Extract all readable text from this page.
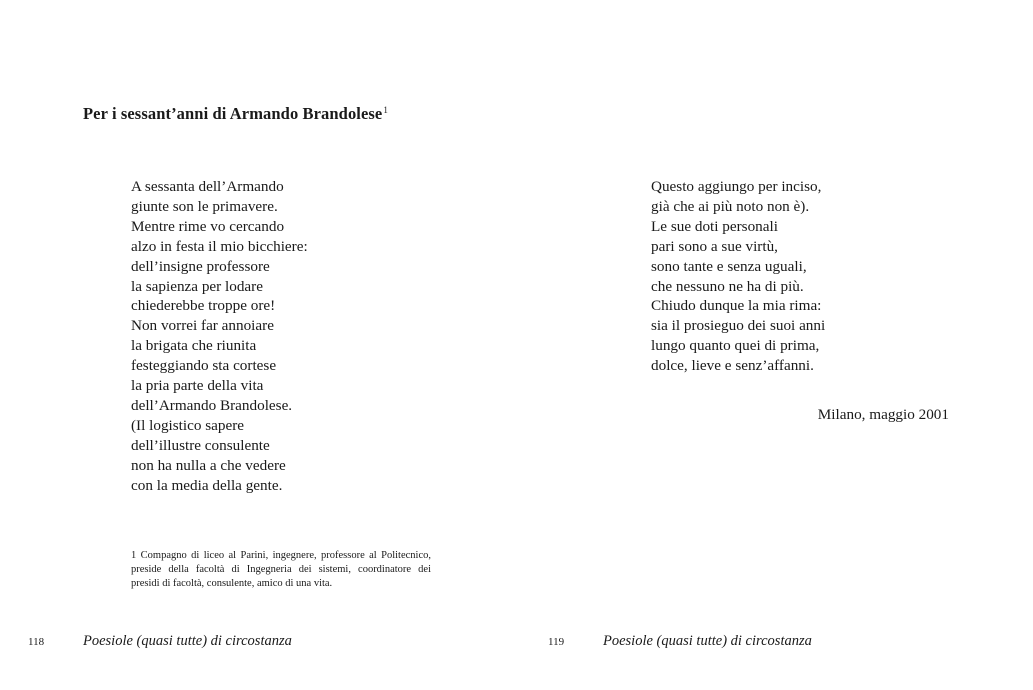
Per i sessant’anni di Armando Brandolese$^1$
A sessanta dell’Armando
giunte son le primavere.
Mentre rime vo cercando
alzo in festa il mio bicchiere:
dell’insigne professore
la sapienza per lodare
chiederebbe troppe ore!
Non vorrei far annoiare
la brigata che riunita
festeggiando sta cortese
la pria parte della vita
dell’Armando Brandolese.
(Il logistico sapere
dell’illustre consulente
non ha nulla a che vedere
con la media della gente.
Questo aggiungo per inciso,
già che ai più noto non è).
Le sue doti personali
pari sono a sue virtù,
sono tante e senza uguali,
che nessuno ne ha di più.
Chiudo dunque la mia rima:
sia il prosieguo dei suoi anni
lungo quanto quei di prima,
dolce, lieve e senz’affanni.
Milano, maggio 2001
1 Compagno di liceo al Parini, ingegnere, professore al Politecnico,
preside della facoltà di Ingegneria dei sistemi, coordinatore dei
presidi di facoltà, consulente, amico di una vita.
118	Poesiole (quasi tutte) di circostanza	119	Poesiole (quasi tutte) di circostanza
